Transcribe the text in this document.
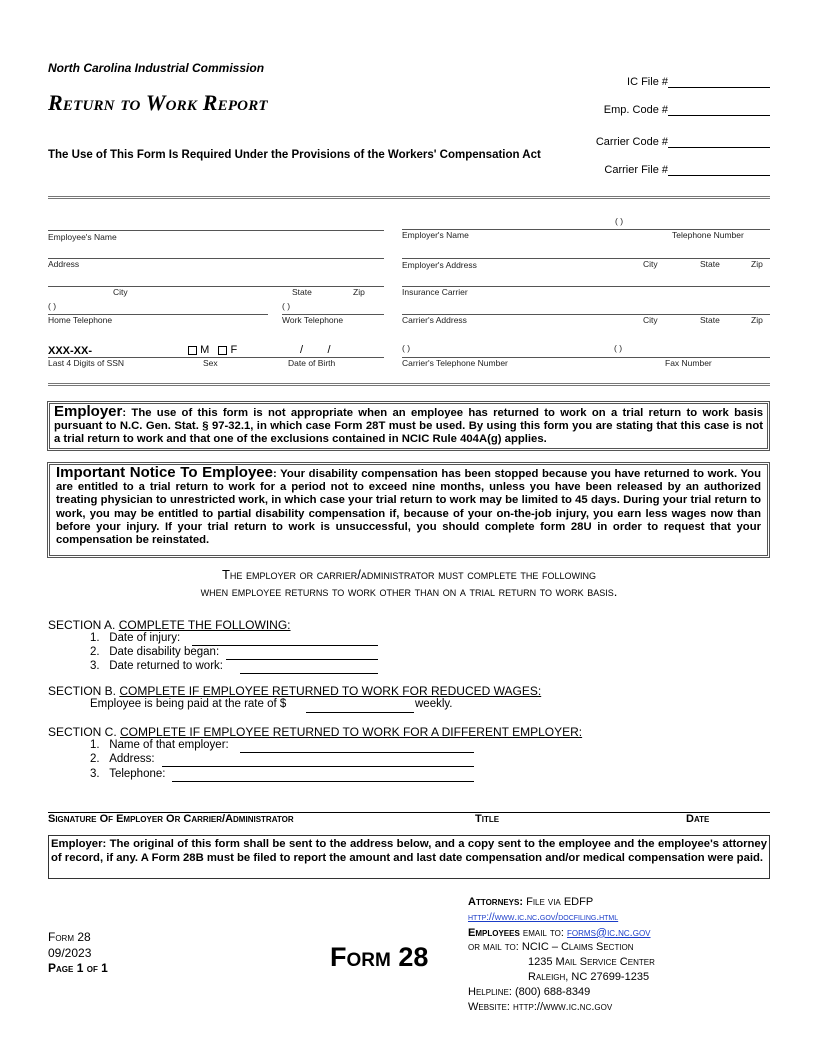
North Carolina Industrial Commission
Return to Work Report
The Use of This Form Is Required Under the Provisions of the Workers' Compensation Act
IC File #
Emp. Code #
Carrier Code #
Carrier File #
Employee's Name
Address
City	State	Zip
( )	( )
Home Telephone	Work Telephone
XXX-XX-	M F	/        /
Last 4 Digits of SSN	Sex	Date of Birth
( )
Employer's Name	Telephone Number
Employer's Address	City	State	Zip
Insurance Carrier
Carrier's Address	City	State	Zip
( )	( )
Carrier's Telephone Number	Fax Number
Employer: The use of this form is not appropriate when an employee has returned to work on a trial return to work basis pursuant to N.C. Gen. Stat. § 97-32.1, in which case Form 28T must be used. By using this form you are stating that this case is not a trial return to work and that one of the exclusions contained in NCIC Rule 404A(g) applies.
Important Notice To Employee: Your disability compensation has been stopped because you have returned to work. You are entitled to a trial return to work for a period not to exceed nine months, unless you have been released by an authorized treating physician to unrestricted work, in which case your trial return to work may be limited to 45 days. During your trial return to work, you may be entitled to partial disability compensation if, because of your on-the-job injury, you earn less wages now than before your injury. If your trial return to work is unsuccessful, you should complete form 28U in order to request that your compensation be reinstated.
The employer or carrier/administrator must complete the following
when employee returns to work other than on a trial return to work basis.
SECTION A. COMPLETE THE FOLLOWING:
1.   Date of injury:
2.   Date disability began:
3.   Date returned to work:
SECTION B. COMPLETE IF EMPLOYEE RETURNED TO WORK FOR REDUCED WAGES:
Employee is being paid at the rate of $	weekly.
SECTION C. COMPLETE IF EMPLOYEE RETURNED TO WORK FOR A DIFFERENT EMPLOYER:
1.   Name of that employer:
2.   Address:
3.   Telephone:
Signature Of Employer Or Carrier/Administrator	Title	Date
Employer: The original of this form shall be sent to the address below, and a copy sent to the employee and the employee's attorney of record, if any. A Form 28B must be filed to report the amount and last date compensation and/or medical compensation were paid.
Form 28
09/2023
Page 1 of 1	Form 28
Attorneys: File via EDFP
http://www.ic.nc.gov/docfiling.html
Employees email to: forms@ic.nc.gov
or mail to: NCIC – Claims Section
1235 Mail Service Center
Raleigh, NC 27699-1235
Helpline: (800) 688-8349
Website: http://www.ic.nc.gov
